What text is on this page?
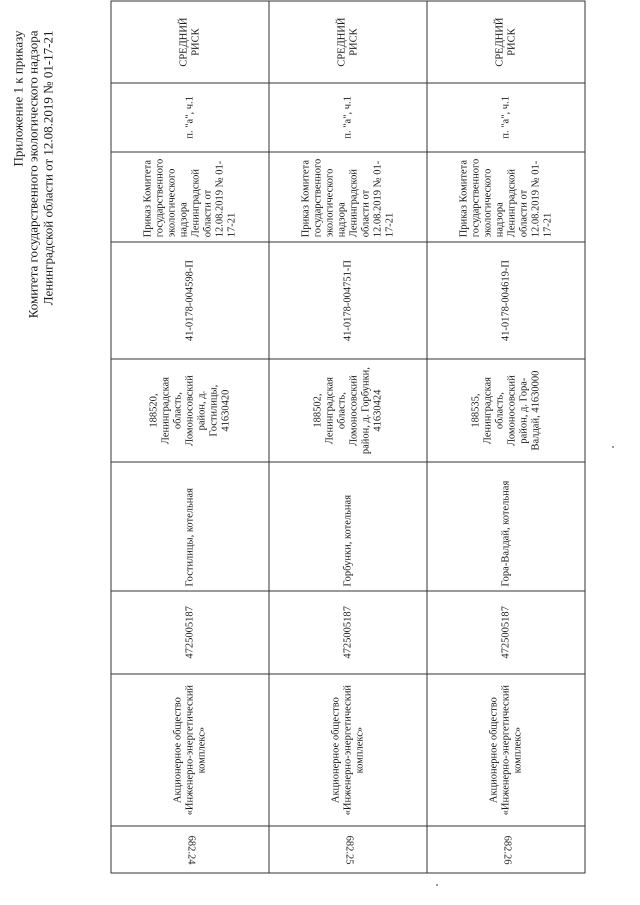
Приложение 1 к приказу Комитета государственного экологического надзора Ленинградской области от 12.08.2019 № 01-17-21
682.24	Акционерное общество «Инженерно-энергетический комплекс»	4725005187	Гостилицы, котельная	188520, Ленинградская область, Ломоносовский район, д. Гостилицы, 41630420	41-0178-004598-П	Приказ Комитета государственного экологического надзора Ленинградской области от 12.08.2019 № 01-17-21	п. "а", ч.1	СРЕДНИЙ РИСК
682.25	Акционерное общество «Инженерно-энергетический комплекс»	4725005187	Горбунки, котельная	188502, Ленинградская область, Ломоносовский район, д. Горбунки, 41630424	41-0178-004751-П	Приказ Комитета государственного экологического надзора Ленинградской области от 12.08.2019 № 01-17-21	п. "а", ч.1	СРЕДНИЙ РИСК
682.26	Акционерное общество «Инженерно-энергетический комплекс»	4725005187	Гора-Валдай, котельная	188535, Ленинградская область, Ломоносовский район, д. Гора-Валдай, 41630000	41-0178-004619-П	Приказ Комитета государственного экологического надзора Ленинградской области от 12.08.2019 № 01-17-21	п. "а", ч.1	СРЕДНИЙ РИСК
